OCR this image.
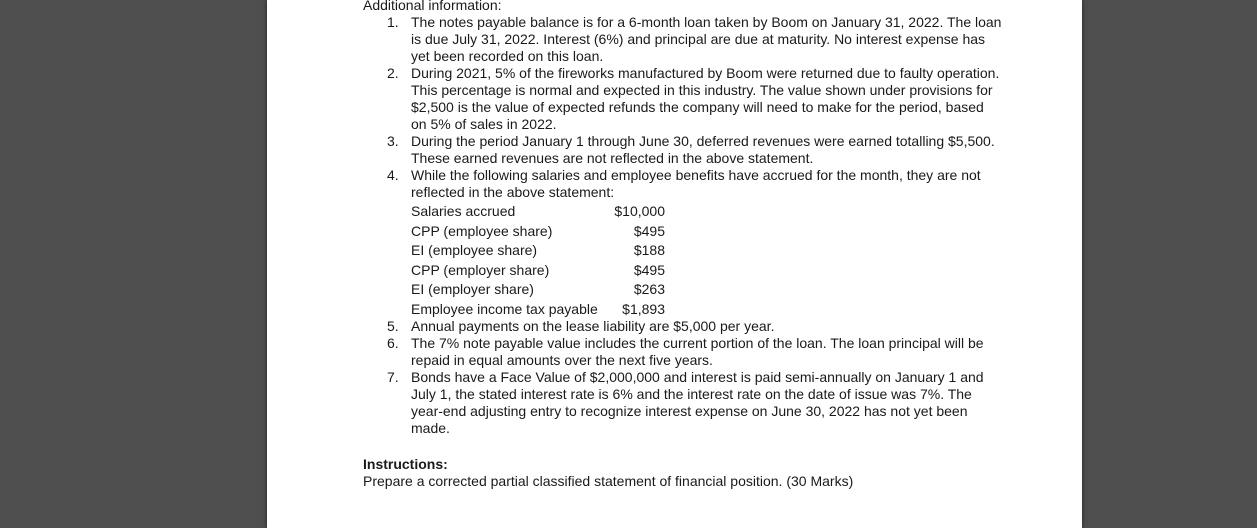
Additional information:
1. The notes payable balance is for a 6-month loan taken by Boom on January 31, 2022. The loan is due July 31, 2022. Interest (6%) and principal are due at maturity. No interest expense has yet been recorded on this loan.
2. During 2021, 5% of the fireworks manufactured by Boom were returned due to faulty operation. This percentage is normal and expected in this industry. The value shown under provisions for $2,500 is the value of expected refunds the company will need to make for the period, based on 5% of sales in 2022.
3. During the period January 1 through June 30, deferred revenues were earned totalling $5,500. These earned revenues are not reflected in the above statement.
4. While the following salaries and employee benefits have accrued for the month, they are not reflected in the above statement:
Salaries accrued	$10,000
CPP (employee share)	$495
EI (employee share)	$188
CPP (employer share)	$495
EI (employer share)	$263
Employee income tax payable	$1,893
5. Annual payments on the lease liability are $5,000 per year.
6. The 7% note payable value includes the current portion of the loan. The loan principal will be repaid in equal amounts over the next five years.
7. Bonds have a Face Value of $2,000,000 and interest is paid semi-annually on January 1 and July 1, the stated interest rate is 6% and the interest rate on the date of issue was 7%. The year-end adjusting entry to recognize interest expense on June 30, 2022 has not yet been made.
Instructions:
Prepare a corrected partial classified statement of financial position. (30 Marks)
